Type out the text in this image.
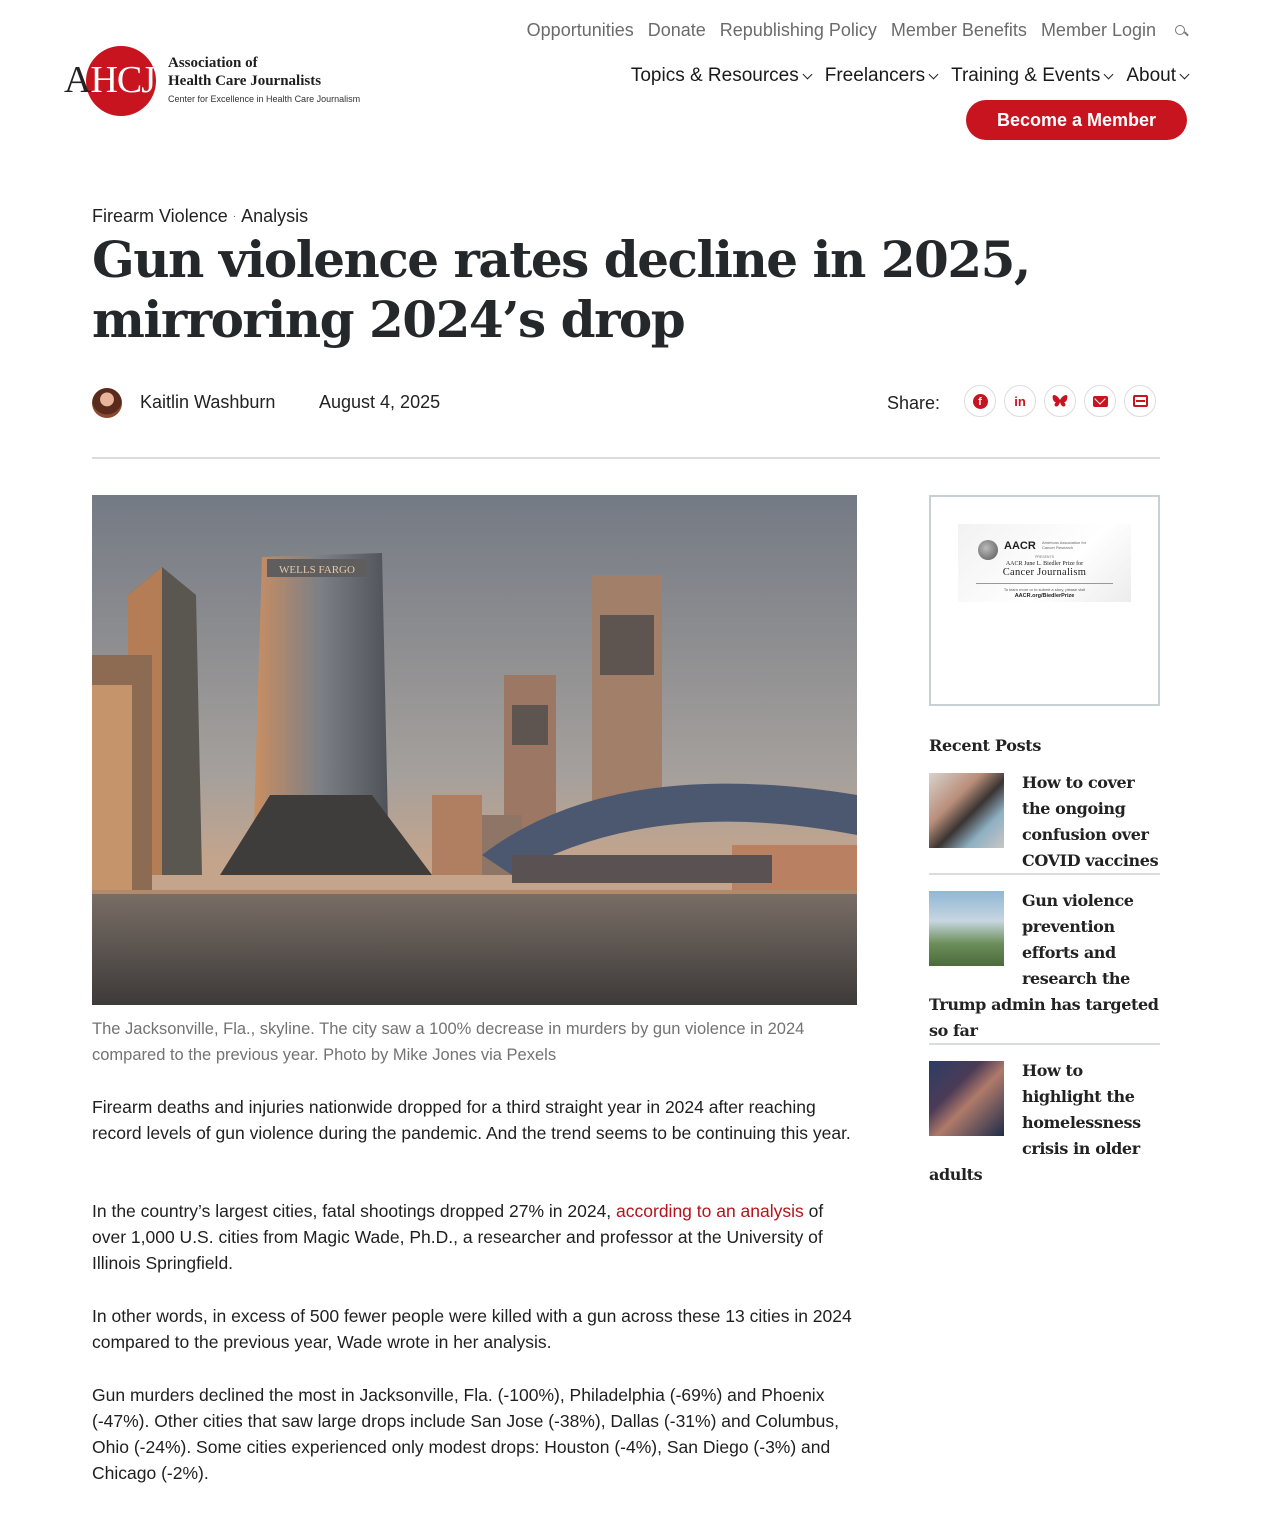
AHCJ Association of
Health Care Journalists
Center for Excellence in Health Care Journalism
Opportunities Donate Republishing Policy Member Benefits Member Login
Topics & Resources Freelancers Training & Events About
Become a Member
Firearm Violence · Analysis
Gun violence rates decline in 2025, mirroring 2024’s drop
Kaitlin Washburn August 4, 2025	Share:	f	in
WELLS FARGO
The Jacksonville, Fla., skyline. The city saw a 100% decrease in murders by gun violence in 2024 compared to the previous year. Photo by Mike Jones via Pexels

Firearm deaths and injuries nationwide dropped for a third straight year in 2024 after reaching record levels of gun violence during the pandemic. And the trend seems to be continuing this year.

In the country’s largest cities, fatal shootings dropped 27% in 2024, according to an analysis of over 1,000 U.S. cities from Magic Wade, Ph.D., a researcher and professor at the University of Illinois Springfield.

In other words, in excess of 500 fewer people were killed with a gun across these 13 cities in 2024 compared to the previous year, Wade wrote in her analysis.

Gun murders declined the most in Jacksonville, Fla. (-100%), Philadelphia (-69%) and Phoenix (-47%). Other cities that saw large drops include San Jose (-38%), Dallas (-31%) and Columbus, Ohio (-24%). Some cities experienced only modest drops: Houston (-4%), San Diego (-3%) and Chicago (-2%).

AACR American Association for Cancer Research
PRESENTS
AACR June L. Biedler Prize for
Cancer Journalism
To learn more or to submit a story, please visit
AACR.org/BiedlerPrize
Recent Posts
How to cover the ongoing confusion over COVID vaccines
Gun violence prevention efforts and research the Trump admin has targeted so far
How to highlight the homelessness crisis in older adults
